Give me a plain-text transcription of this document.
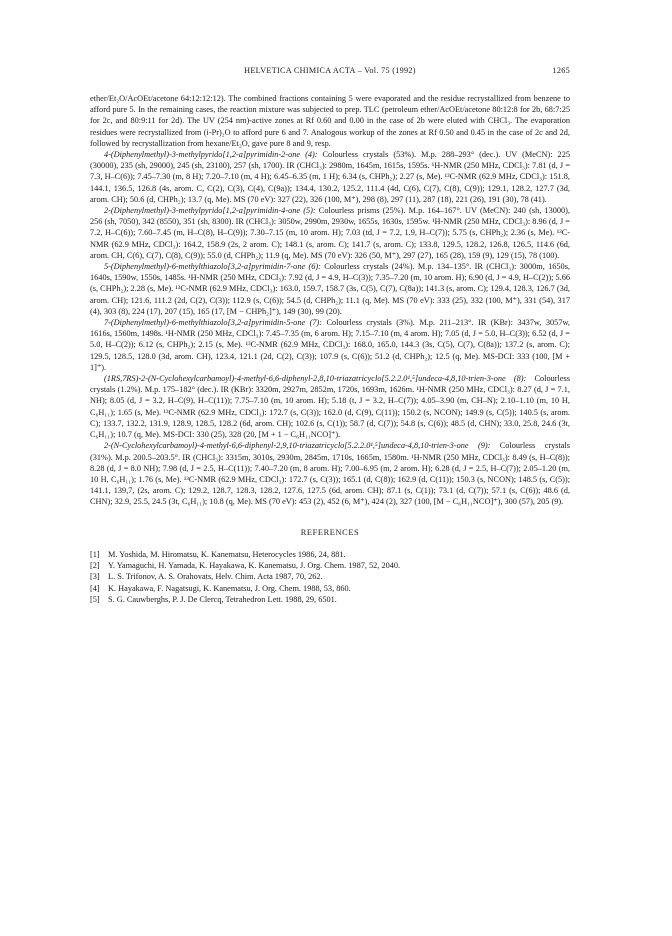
HELVETICA CHIMICA ACTA – Vol. 75 (1992)	1265

ether/Et₂O/AcOEt/acetone 64:12:12:12). The combined fractions containing 5 were evaporated and the residue recrystallized from benzene to afford pure 5. In the remaining cases, the reaction mixture was subjected to prep. TLC (petroleum ether/AcOEt/acetone 80:12:8 for 2b, 68:7:25 for 2c, and 80:9:11 for 2d). The UV (254 nm)-active zones at Rf 0.60 and 0.00 in the case of 2b were eluted with CHCl₃. The evaporation residues were recrystallized from (i-Pr)₂O to afford pure 6 and 7. Analogous workup of the zones at Rf 0.50 and 0.45 in the case of 2c and 2d, followed by recrystallization from hexane/Et₂O, gave pure 8 and 9, resp.

4-(Diphenylmethyl)-3-methylpyrido[1,2-a]pyrimidin-2-one (4): Colourless crystals (53%). M.p. 288–293° (dec.). UV (MeCN): 225 (30000), 235 (sh, 29000), 245 (sh, 23100), 257 (sh, 1700). IR (CHCl₃): 2980m, 1645m, 1615s, 1595s. ¹H-NMR (250 MHz, CDCl₃): 7.81 (d, J = 7.3, H–C(6)); 7.45–7.30 (m, 8 H); 7.20–7.10 (m, 4 H); 6.45–6.35 (m, 1 H); 6.34 (s, CHPh₂); 2.27 (s, Me). ¹³C-NMR (62.9 MHz, CDCl₃): 151.8, 144.1, 136.5, 126.8 (4s, arom. C, C(2), C(3), C(4), C(9a)); 134.4, 130.2, 125.2, 111.4 (4d, C(6), C(7), C(8), C(9)); 129.1, 128.2, 127.7 (3d, arom. CH); 50.6 (d, CHPh₂); 13.7 (q, Me). MS (70 eV): 327 (22), 326 (100, M⁺), 298 (8), 297 (11), 287 (18), 221 (26), 191 (30), 78 (41).

2-(Diphenylmethyl)-3-methylpyrido[1,2-a]pyrimidin-4-one (5): Colourless prisms (25%). M.p. 164–167°. UV (MeCN): 240 (sh, 13000), 256 (sh, 7050), 342 (8550), 351 (sh, 8300). IR (CHCl₃): 3050w, 2990m, 2930w, 1655s, 1630s, 1595w. ¹H-NMR (250 MHz, CDCl₃): 8.96 (d, J = 7.2, H–C(6)); 7.60–7.45 (m, H–C(8), H–C(9)); 7.30–7.15 (m, 10 arom. H); 7.03 (td, J = 7.2, 1.9, H–C(7)); 5.75 (s, CHPh₂); 2.36 (s, Me). ¹³C-NMR (62.9 MHz, CDCl₃): 164.2, 158.9 (2s, 2 arom. C); 148.1 (s, arom. C); 141.7 (s, arom. C); 133.8, 129.5, 128.2, 126.8, 126.5, 114.6 (6d, arom. CH, C(6), C(7), C(8), C(9)); 55.0 (d, CHPh₂); 11.9 (q, Me). MS (70 eV): 326 (50, M⁺), 297 (27), 165 (28), 159 (9), 129 (15), 78 (100).

5-(Diphenylmethyl)-6-methylthiazolo[3,2-a]pyrimidin-7-one (6): Colourless crystals (24%). M.p. 134–135°. IR (CHCl₃): 3000m, 1650s, 1640s, 1590w, 1550s, 1485s. ¹H-NMR (250 MHz, CDCl₃): 7.92 (d, J = 4.9, H–C(3)); 7.35–7.20 (m, 10 arom. H); 6.90 (d, J = 4.9, H–C(2)); 5.66 (s, CHPh₂); 2.28 (s, Me). ¹³C-NMR (62.9 MHz, CDCl₃): 163.0, 159.7, 158.7 (3s, C(5), C(7), C(8a)); 141.3 (s, arom. C); 129.4, 128.3, 126.7 (3d, arom. CH); 121.6, 111.2 (2d, C(2), C(3)); 112.9 (s, C(6)); 54.5 (d, CHPh₂); 11.1 (q, Me). MS (70 eV): 333 (25), 332 (100, M⁺), 331 (54), 317 (4), 303 (8), 224 (17), 207 (15), 165 (17, [M − CHPh₂]⁺), 149 (30), 99 (20).

7-(Diphenylmethyl)-6-methylthiazolo[3,2-a]pyrimidin-5-one (7): Colourless crystals (3%). M.p. 211–213°. IR (KBr): 3437w, 3057w, 1616s, 1560m, 1498s. ¹H-NMR (250 MHz, CDCl₃): 7.45–7.35 (m, 6 arom. H); 7.15–7.10 (m, 4 arom. H); 7.05 (d, J = 5.0, H–C(3)); 6.52 (d, J = 5.0, H–C(2)); 6.12 (s, CHPh₂); 2.15 (s, Me). ¹³C-NMR (62.9 MHz, CDCl₃): 168.0, 165.0, 144.3 (3s, C(5), C(7), C(8a)); 137.2 (s, arom. C); 129.5, 128.5, 128.0 (3d, arom. CH), 123.4, 121.1 (2d, C(2), C(3)); 107.9 (s, C(6)); 51.2 (d, CHPh₂); 12.5 (q, Me). MS-DCI: 333 (100, [M + 1]⁺).

(1RS,7RS)-2-(N-Cyclohexylcarbamoyl)-4-methyl-6,6-diphenyl-2,8,10-triazatricyclo[5.2.2.0¹,⁵]undeca-4,8,10-trien-3-one (8): Colourless crystals (1.2%). M.p. 175–182° (dec.). IR (KBr): 3320m, 2927m, 2852m, 1720s, 1693m, 1626m. ¹H-NMR (250 MHz, CDCl₃): 8.27 (d, J = 7.1, NH); 8.05 (d, J = 3.2, H–C(9), H–C(11)); 7.75–7.10 (m, 10 arom. H); 5.18 (t, J = 3.2, H–C(7)); 4.05–3.90 (m, CH–N); 2.10–1.10 (m, 10 H, C₆H₁₁); 1.65 (s, Me). ¹³C-NMR (62.9 MHz, CDCl₃): 172.7 (s, C(3)); 162.0 (d, C(9), C(11)); 150.2 (s, NCON); 149.9 (s, C(5)); 140.5 (s, arom. C); 133.7, 132.2, 131.9, 128.9, 128.5, 128.2 (6d, arom. CH); 102.6 (s, C(1)); 58.7 (d, C(7)); 54.8 (s, C(6)); 48.5 (d, CHN); 33.0, 25.8, 24.6 (3t, C₆H₁₁); 10.7 (q, Me). MS-DCI: 330 (25), 328 (20, [M + 1 − C₆H₁₁NCO]⁺).

2-(N-Cyclohexylcarbamoyl)-4-methyl-6,6-diphenyl-2,9,10-triazatricyclo[5.2.2.0¹,⁵]undeca-4,8,10-trien-3-one (9): Colourless crystals (31%). M.p. 200.5–203.5°. IR (CHCl₃): 3315m, 3010s, 2930m, 2845m, 1710s, 1665m, 1580m. ¹H-NMR (250 MHz, CDCl₃): 8.49 (s, H–C(8)); 8.28 (d, J = 8.0 NH); 7.98 (d, J = 2.5, H–C(11)); 7.40–7.20 (m, 8 arom. H); 7.00–6.95 (m, 2 arom. H); 6.28 (d, J = 2.5, H–C(7)); 2.05–1.20 (m, 10 H, C₆H₁₁); 1.76 (s, Me). ¹³C-NMR (62.9 MHz, CDCl₃): 172.7 (s, C(3)); 165.1 (d, C(8)); 162.9 (d, C(11)); 150.3 (s, NCON); 148.5 (s, C(5)); 141.1, 139,7, (2s, arom. C); 129.2, 128.7, 128.3, 128.2, 127.6, 127.5 (6d, arom. CH); 87.1 (s, C(1)); 73.1 (d, C(7)); 57.1 (s, C(6)); 48.6 (d, CHN); 32.9, 25.5, 24.5 (3t, C₆H₁₁); 10.8 (q, Me). MS (70 eV): 453 (2), 452 (6, M⁺), 424 (2), 327 (100, [M − C₆H₁₁NCO]⁺), 300 (57), 205 (9).

REFERENCES
[1]	M. Yoshida, M. Hiromatsu, K. Kanematsu, Heterocycles 1986, 24, 881.
[2]	Y. Yamaguchi, H. Yamada, K. Hayakawa, K. Kanematsu, J. Org. Chem. 1987, 52, 2040.
[3]	L. S. Trifonov, A. S. Orahovats, Helv. Chim. Acta 1987, 70, 262.
[4]	K. Hayakawa, F. Nagatsugi, K. Kanematsu, J. Org. Chem. 1988, 53, 860.
[5]	S. G. Cauwberghs, P. J. De Clercq, Tetrahedron Lett. 1988, 29, 6501.
